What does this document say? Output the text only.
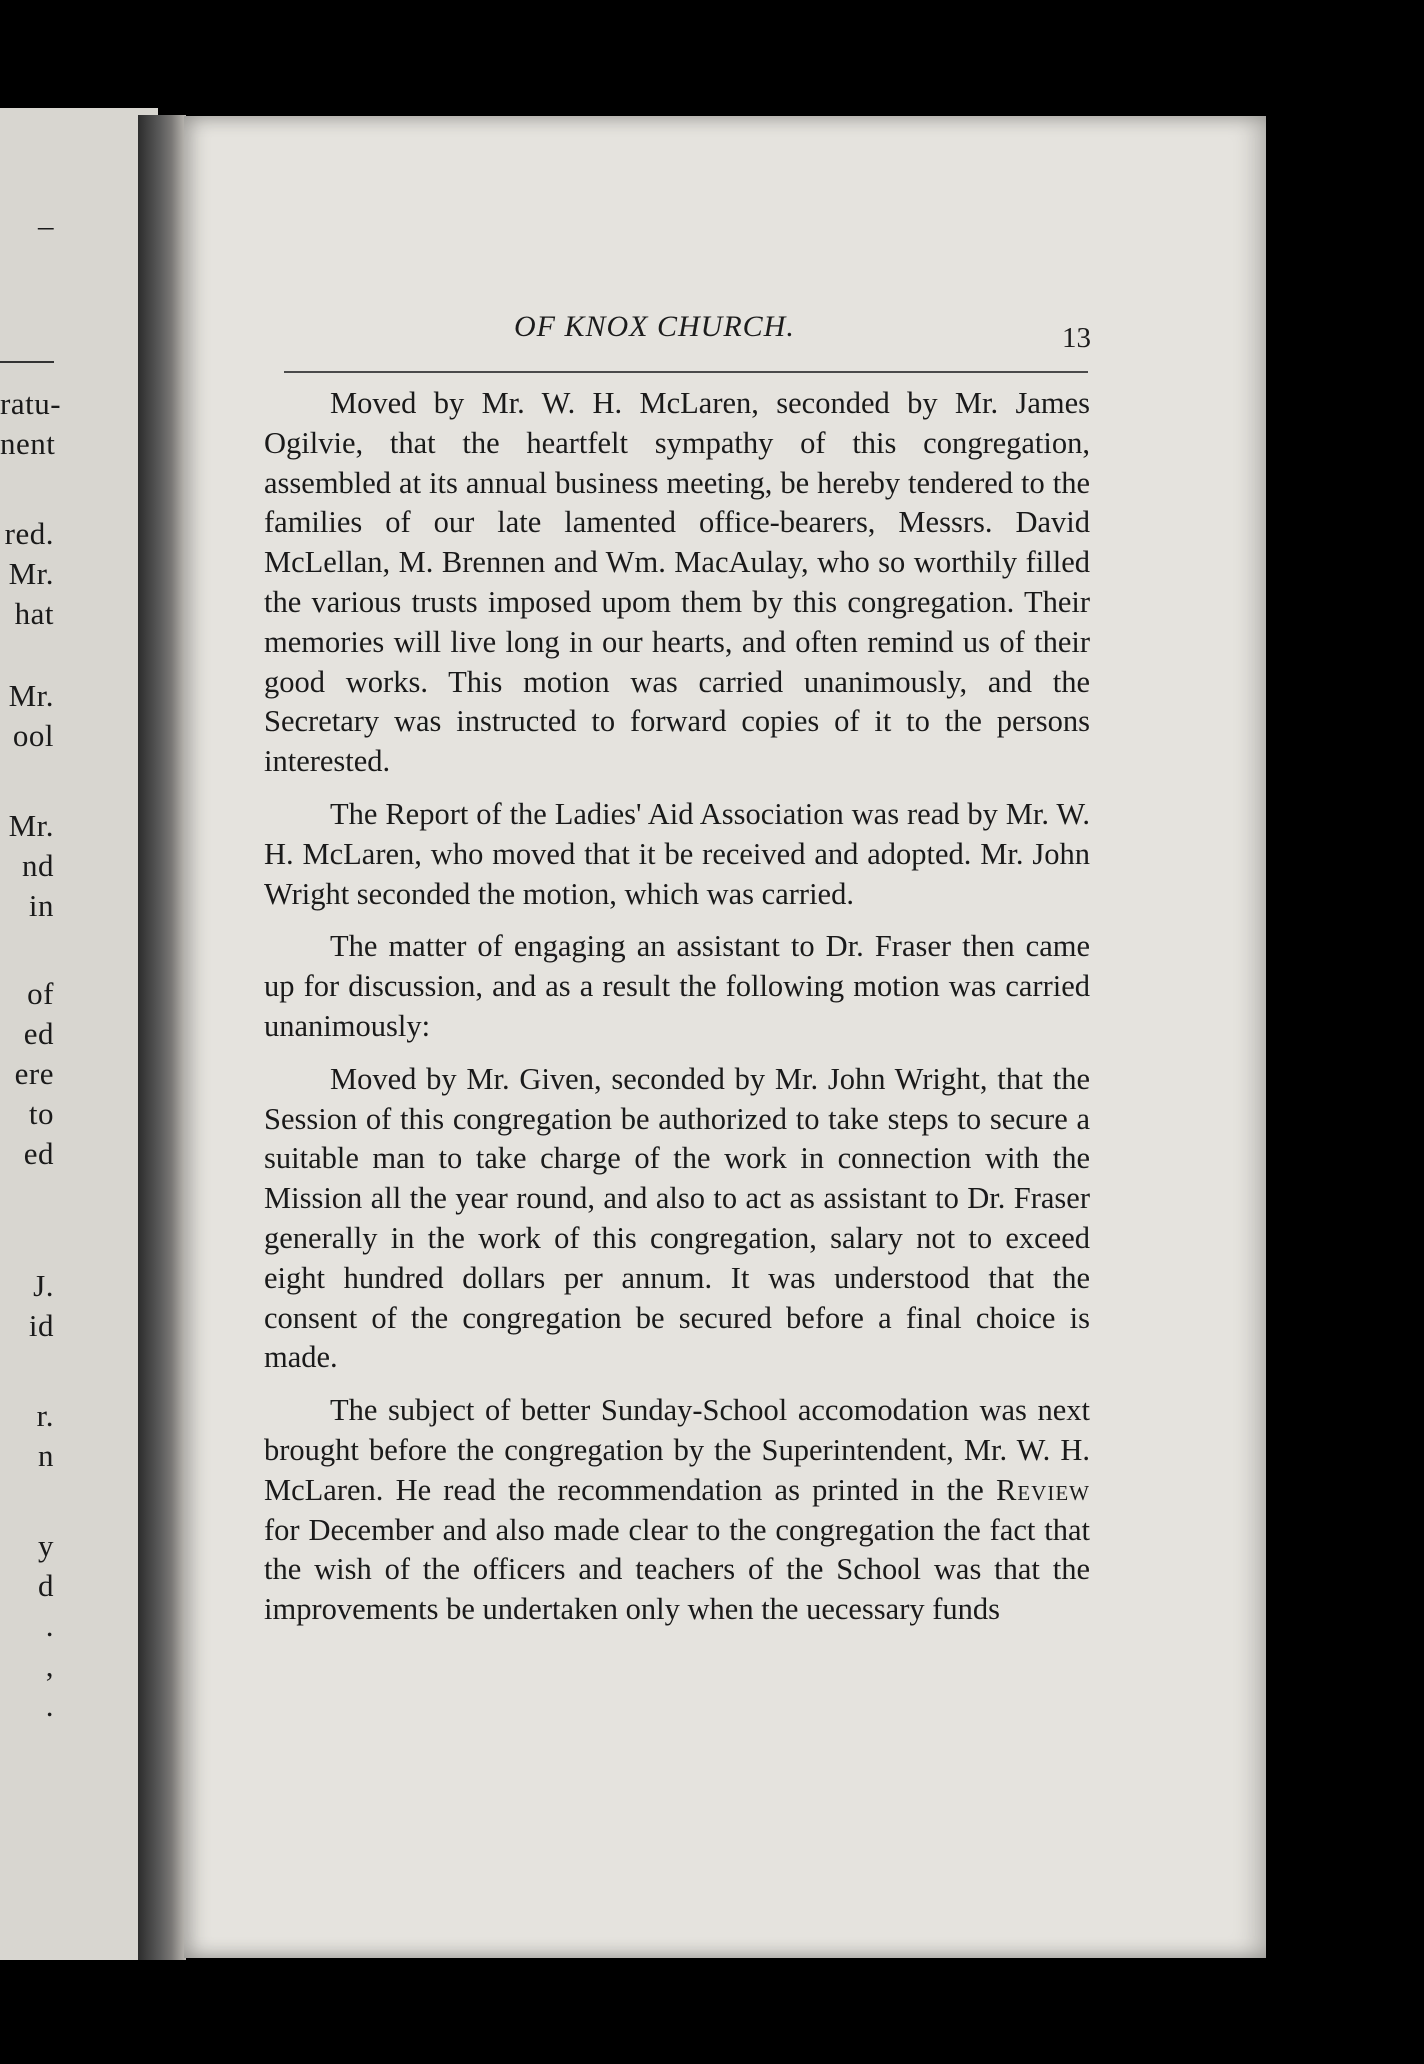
–
ratu-
nent
red.
Mr.
hat
Mr.
ool
Mr.
nd
in
of
ed
ere
to
ed
J.
id
r.
n
y
d
.
,
.
OF KNOX CHURCH.	13

Moved by Mr. W. H. McLaren, seconded by Mr. James Ogilvie, that the heartfelt sympathy of this congregation, assembled at its annual business meeting, be hereby tendered to the families of our late lamented office-bearers, Messrs. David McLellan, M. Brennen and Wm. MacAulay, who so worthily filled the various trusts imposed upom them by this congregation. Their memories will live long in our hearts, and often remind us of their good works. This motion was carried unanimously, and the Secretary was instructed to forward copies of it to the persons interested.

The Report of the Ladies' Aid Association was read by Mr. W. H. McLaren, who moved that it be received and adopted. Mr. John Wright seconded the motion, which was carried.

The matter of engaging an assistant to Dr. Fraser then came up for discussion, and as a result the following motion was carried unanimously:

Moved by Mr. Given, seconded by Mr. John Wright, that the Session of this congregation be authorized to take steps to secure a suitable man to take charge of the work in connection with the Mission all the year round, and also to act as assistant to Dr. Fraser generally in the work of this congregation, salary not to exceed eight hundred dollars per annum. It was understood that the consent of the congregation be secured before a final choice is made.

The subject of better Sunday-School accomodation was next brought before the congregation by the Superintendent, Mr. W. H. McLaren. He read the recommendation as printed in the Review for December and also made clear to the congregation the fact that the wish of the officers and teachers of the School was that the improvements be undertaken only when the uecessary funds
